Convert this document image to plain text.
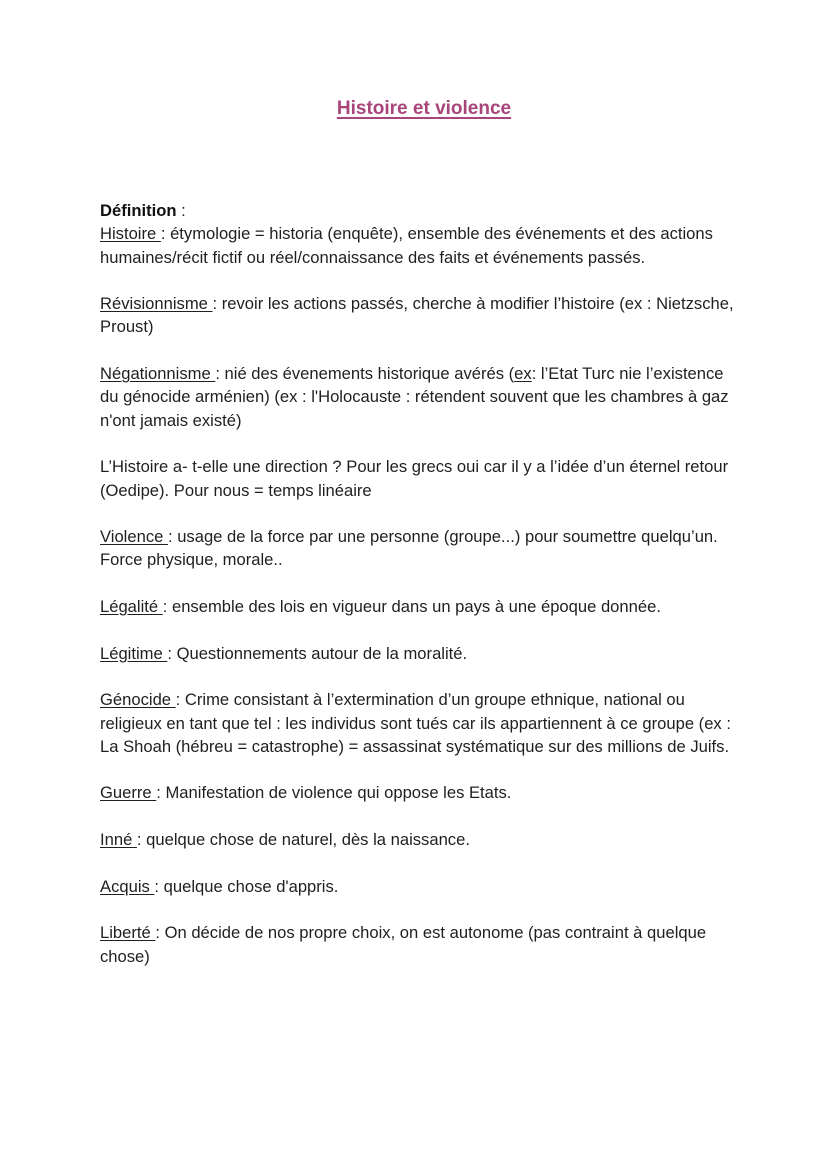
Histoire et violence

Définition :

Histoire : étymologie = historia (enquête), ensemble des événements et des actions humaines/récit fictif ou réel/connaissance des faits et événements passés.

Révisionnisme : revoir les actions passés, cherche à modifier l’histoire (ex : Nietzsche, Proust)

Négationnisme : nié des évenements historique avérés (ex: l’Etat Turc nie l’existence du génocide arménien) (ex : l'Holocauste : rétendent souvent que les chambres à gaz n'ont jamais existé)

L’Histoire a- t-elle une direction ? Pour les grecs oui car il y a l’idée d’un éternel retour (Oedipe). Pour nous = temps linéaire

Violence : usage de la force par une personne (groupe...) pour soumettre quelqu’un. Force physique, morale..

Légalité : ensemble des lois en vigueur dans un pays à une époque donnée.

Légitime : Questionnements autour de la moralité.

Génocide : Crime consistant à l’extermination d’un groupe ethnique, national ou religieux en tant que tel : les individus sont tués car ils appartiennent à ce groupe (ex : La Shoah (hébreu = catastrophe) = assassinat systématique sur des millions de Juifs.

Guerre : Manifestation de violence qui oppose les Etats.

Inné : quelque chose de naturel, dès la naissance.

Acquis : quelque chose d'appris.

Liberté : On décide de nos propre choix, on est autonome (pas contraint à quelque chose)
